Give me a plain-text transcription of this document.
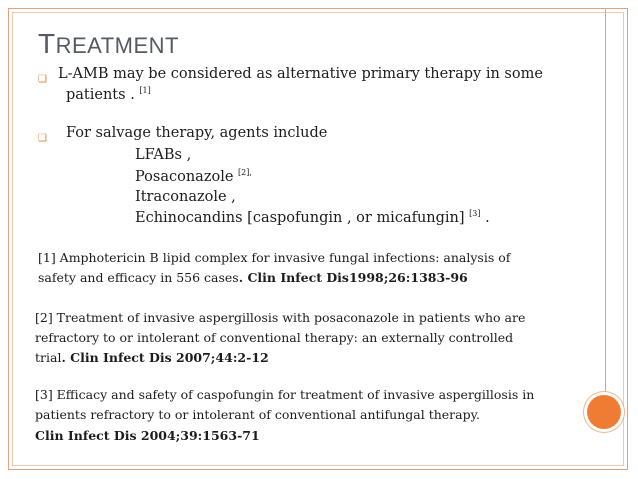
TREATMENT
❑ L-AMB may be considered as alternative primary therapy in some
patients . [1]
❑ For salvage therapy, agents include
LFABs ,
Posaconazole $^{[2],}$
Itraconazole ,
Echinocandins [caspofungin , or micafungin] [3] .
[1] Amphotericin B lipid complex for invasive fungal infections: analysis of
safety and efficacy in 556 cases. Clin Infect Dis1998;26:1383-96
[2] Treatment of invasive aspergillosis with posaconazole in patients who are
refractory to or intolerant of conventional therapy: an externally controlled
trial. Clin Infect Dis 2007;44:2-12
[3] Efficacy and safety of caspofungin for treatment of invasive aspergillosis in
patients refractory to or intolerant of conventional antifungal therapy.
Clin Infect Dis 2004;39:1563-71
